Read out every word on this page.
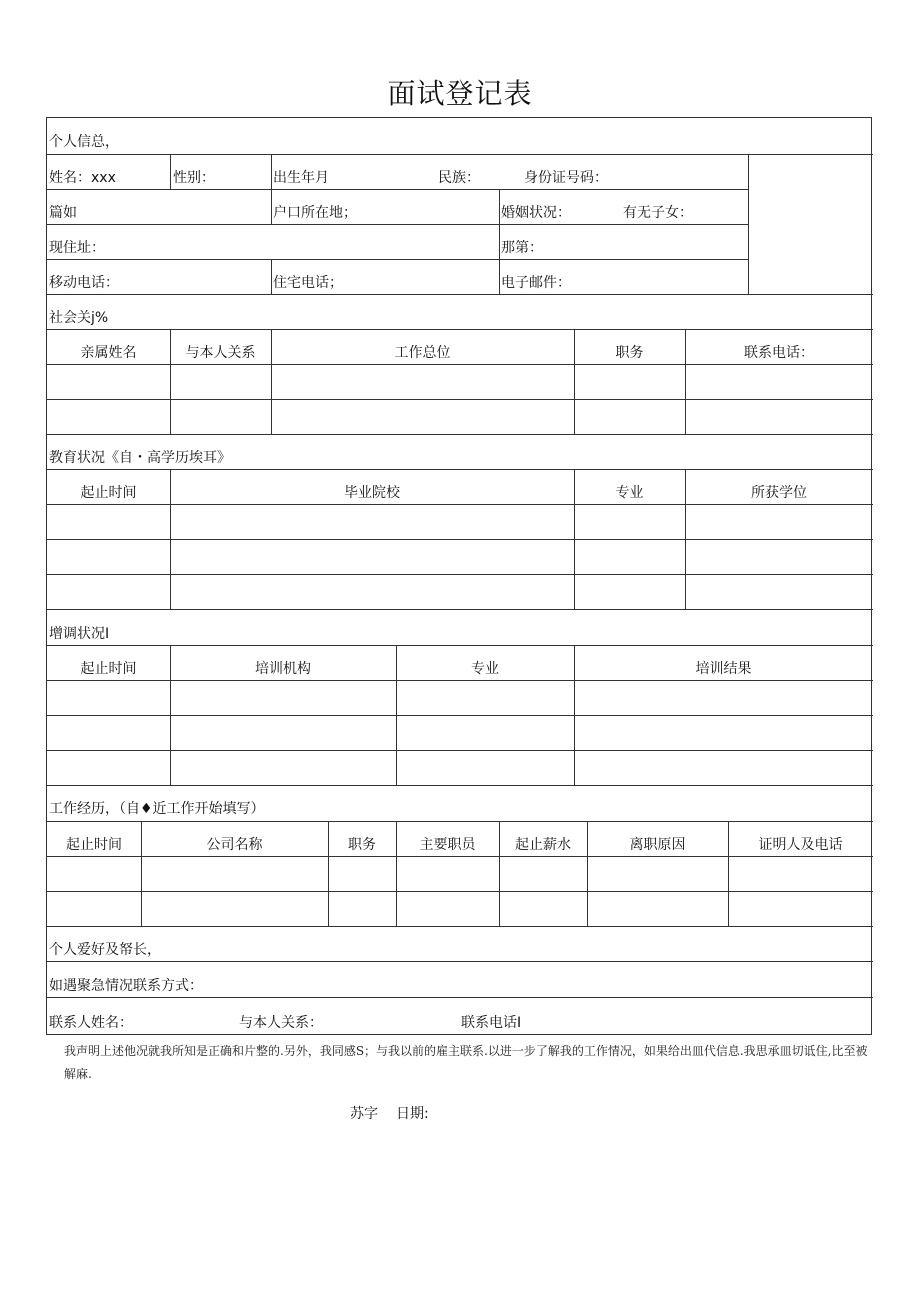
面试登记表
个人信总，
姓名：xxx	性别：	出生年月	民族：	身份证号码：
篇如	户口所在地；	婚姻状况：	有无子女：
现住址：	那第：
移动电话：	住宅电话；	电子邮件：
社会关j%
亲属姓名	与本人关系	工作总位	职务	联系电话：
教育状况《自・高学历埃耳》
起止时间	毕业院校	专业	所获学位
增调状况I
起止时间	培训机构	专业	培训结果
工作经历，（自♦近工作开始填写）
起止时间	公司名称	职务	主要职员	起止薪水	离职原因	证明人及电话
个人爱好及帑长，
如遇聚急情况联系方式：
联系人姓名：	与本人关系：	联系电话I
我声明上述他况就我所知是正确和片整的.另外，我同感S；与我以前的雇主联系.以进一步了解我的工作情况，如果给出皿代信息.我思承皿切诋住,比至被解麻.
苏字 日期:
